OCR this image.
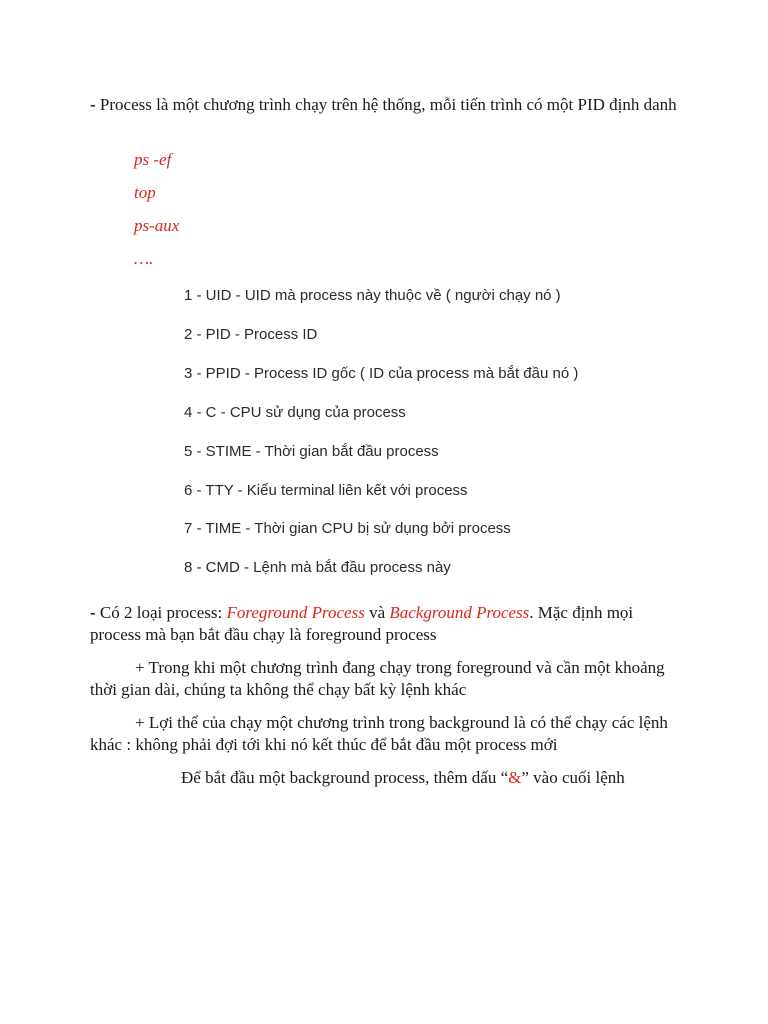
- Process là một chương trình chạy trên hệ thống, mỗi tiến trình có một PID định danh

ps -ef

top

ps-aux

….

1 - UID - UID mà process này thuộc về ( người chạy nó )

2 - PID - Process ID

3 - PPID - Process ID gốc ( ID của process mà bắt đầu nó )

4 - C - CPU sử dụng của process

5 - STIME - Thời gian bắt đầu process

6 - TTY - Kiểu terminal liên kết với process

7 - TIME - Thời gian CPU bị sử dụng bởi process

8 - CMD - Lệnh mà bắt đầu process này

- Có 2 loại process: Foreground Process và Background Process. Mặc định mọi process mà bạn bắt đầu chạy là foreground process

+ Trong khi một chương trình đang chạy trong foreground và cần một khoảng thời gian dài, chúng ta không thể chạy bất kỳ lệnh khác

+ Lợi thế của chạy một chương trình trong background là có thể chạy các lệnh khác : không phải đợi tới khi nó kết thúc để bắt đầu một process mới

Để bắt đầu một background process, thêm dấu “&” vào cuối lệnh
